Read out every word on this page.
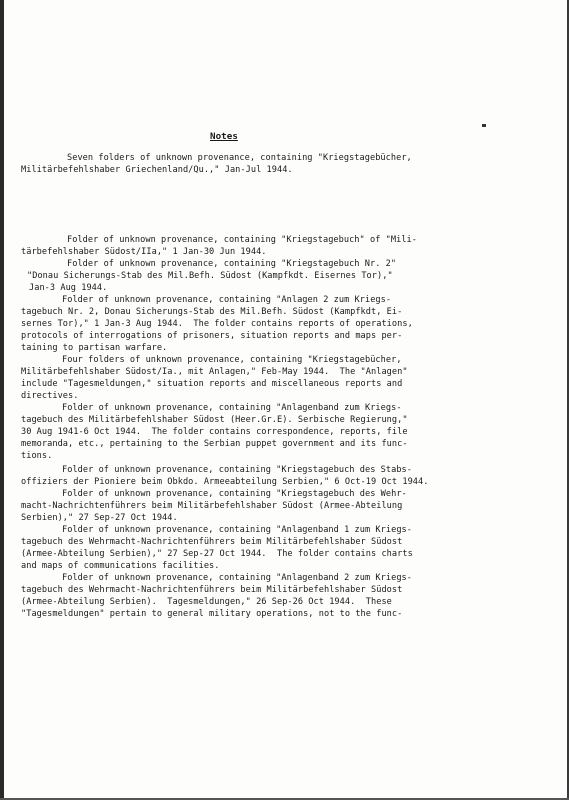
Notes
Seven folders of unknown provenance, containing "Kriegstagebücher,
Militärbefehlshaber Griechenland/Qu.," Jan-Jul 1944.
Folder of unknown provenance, containing "Kriegstagebuch" of "Mili-
tärbefehlshaber Südost/IIa," 1 Jan-30 Jun 1944.
Folder of unknown provenance, containing "Kriegstagebuch Nr. 2"
"Donau Sicherungs-Stab des Mil.Befh. Südost (Kampfkdt. Eisernes Tor),"
Jan-3 Aug 1944.
Folder of unknown provenance, containing "Anlagen 2 zum Kriegs-
tagebuch Nr. 2, Donau Sicherungs-Stab des Mil.Befh. Südost (Kampfkdt, Ei-
sernes Tor)," 1 Jan-3 Aug 1944.  The folder contains reports of operations,
protocols of interrogations of prisoners, situation reports and maps per-
taining to partisan warfare.
Four folders of unknown provenance, containing "Kriegstagebücher,
Militärbefehlshaber Südost/Ia., mit Anlagen," Feb-May 1944.  The "Anlagen"
include "Tagesmeldungen," situation reports and miscellaneous reports and
directives.
Folder of unknown provenance, containing "Anlagenband zum Kriegs-
tagebuch des Militärbefehlshaber Südost (Heer.Gr.E). Serbische Regierung,"
30 Aug 1941-6 Oct 1944.  The folder contains correspondence, reports, file
memoranda, etc., pertaining to the Serbian puppet government and its func-
tions.
Folder of unknown provenance, containing "Kriegstagebuch des Stabs-
offiziers der Pioniere beim Obkdo. Armeeabteilung Serbien," 6 Oct-19 Oct 1944.
Folder of unknown provenance, containing "Kriegstagebuch des Wehr-
macht-Nachrichtenführers beim Militärbefehlshaber Südost (Armee-Abteilung
Serbien)," 27 Sep-27 Oct 1944.
Folder of unknown provenance, containing "Anlagenband 1 zum Kriegs-
tagebuch des Wehrmacht-Nachrichtenführers beim Militärbefehlshaber Südost
(Armee-Abteilung Serbien)," 27 Sep-27 Oct 1944.  The folder contains charts
and maps of communications facilities.
Folder of unknown provenance, containing "Anlagenband 2 zum Kriegs-
tagebuch des Wehrmacht-Nachrichtenführers beim Militärbefehlshaber Südost
(Armee-Abteilung Serbien).  Tagesmeldungen," 26 Sep-26 Oct 1944.  These
"Tagesmeldungen" pertain to general military operations, not to the func-
